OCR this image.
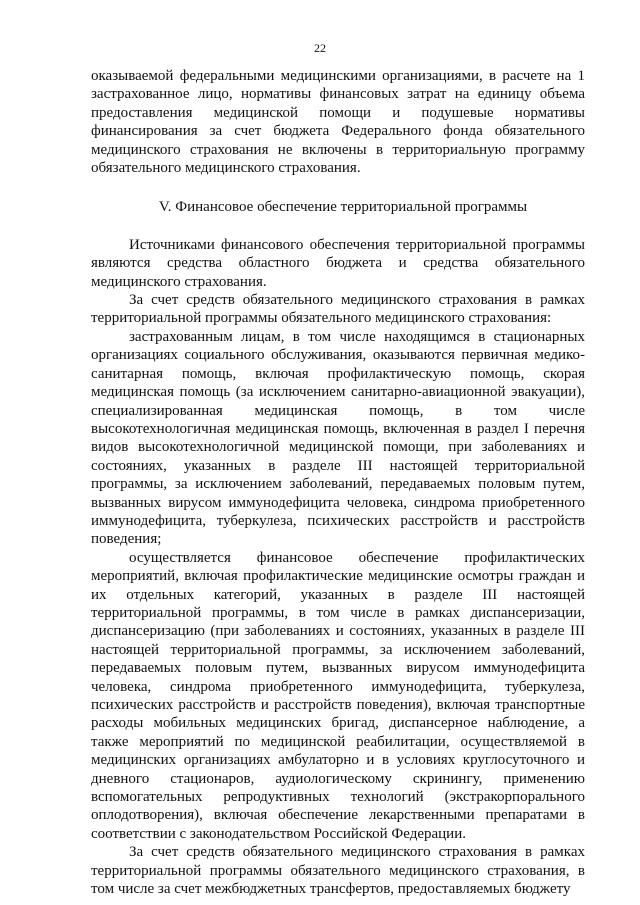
22

оказываемой федеральными медицинскими организациями, в расчете на 1 застрахованное лицо, нормативы финансовых затрат на единицу объема предоставления медицинской помощи и подушевые нормативы финансирования за счет бюджета Федерального фонда обязательного медицинского страхования не включены в территориальную программу обязательного медицинского страхования.

V. Финансовое обеспечение территориальной программы

Источниками финансового обеспечения территориальной программы являются средства областного бюджета и средства обязательного медицинского страхования.

За счет средств обязательного медицинского страхования в рамках территориальной программы обязательного медицинского страхования:

застрахованным лицам, в том числе находящимся в стационарных организациях социального обслуживания, оказываются первичная медико-санитарная помощь, включая профилактическую помощь, скорая медицинская помощь (за исключением санитарно-авиационной эвакуации), специализированная медицинская помощь, в том числе высокотехнологичная медицинская помощь, включенная в раздел I перечня видов высокотехнологичной медицинской помощи, при заболеваниях и состояниях, указанных в разделе III настоящей территориальной программы, за исключением заболеваний, передаваемых половым путем, вызванных вирусом иммунодефицита человека, синдрома приобретенного иммунодефицита, туберкулеза, психических расстройств и расстройств поведения;

осуществляется финансовое обеспечение профилактических мероприятий, включая профилактические медицинские осмотры граждан и их отдельных категорий, указанных в разделе III настоящей территориальной программы, в том числе в рамках диспансеризации, диспансеризацию (при заболеваниях и состояниях, указанных в разделе III настоящей территориальной программы, за исключением заболеваний, передаваемых половым путем, вызванных вирусом иммунодефицита человека, синдрома приобретенного иммунодефицита, туберкулеза, психических расстройств и расстройств поведения), включая транспортные расходы мобильных медицинских бригад, диспансерное наблюдение, а также мероприятий по медицинской реабилитации, осуществляемой в медицинских организациях амбулаторно и в условиях круглосуточного и дневного стационаров, аудиологическому скринингу, применению вспомогательных репродуктивных технологий (экстракорпорального оплодотворения), включая обеспечение лекарственными препаратами в соответствии с законодательством Российской Федерации.

За счет средств обязательного медицинского страхования в рамках территориальной программы обязательного медицинского страхования, в том числе за счет межбюджетных трансфертов, предоставляемых бюджету
